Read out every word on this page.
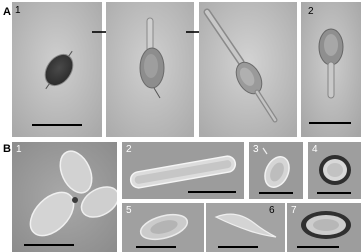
A
B
1	2
1	2	3	4
5	6 7
